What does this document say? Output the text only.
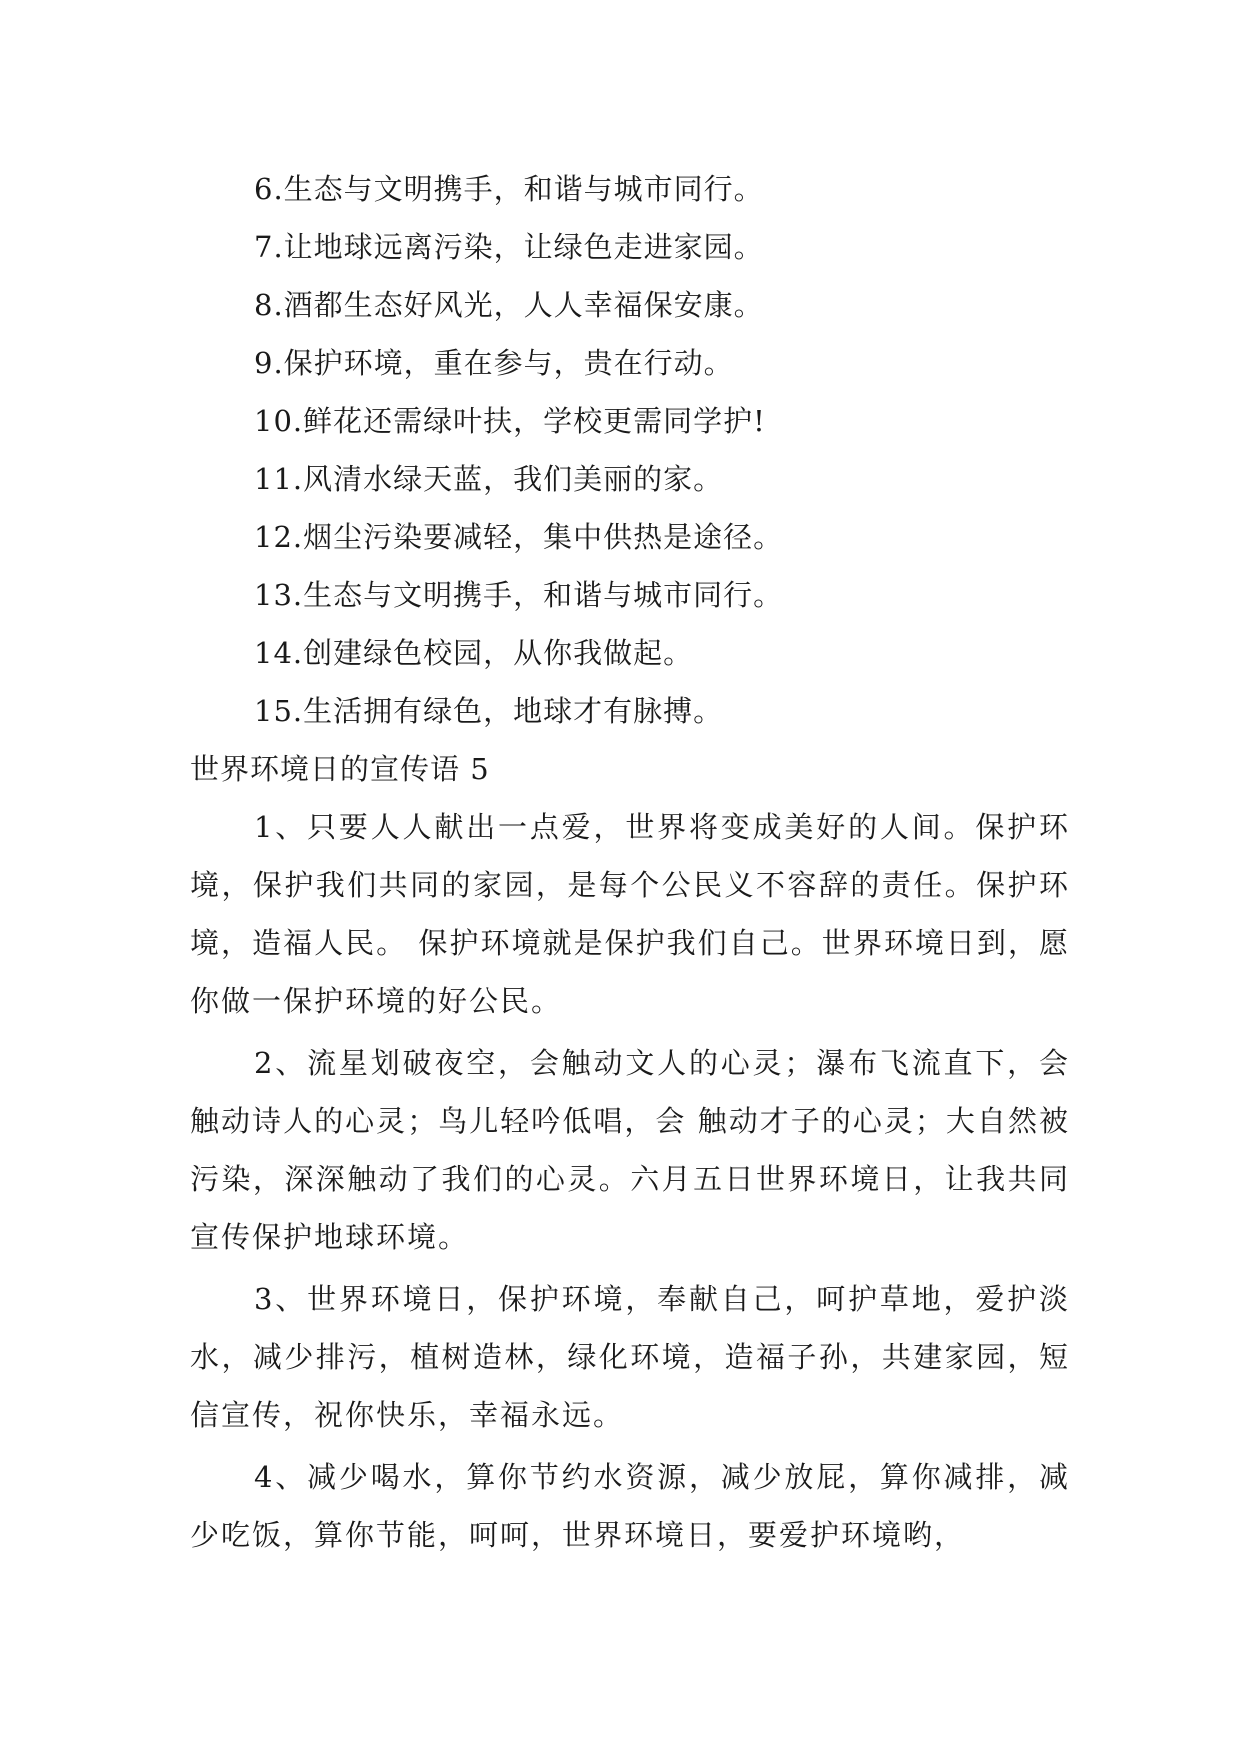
6.生态与文明携手，和谐与城市同行。

7.让地球远离污染，让绿色走进家园。

8.酒都生态好风光，人人幸福保安康。

9.保护环境，重在参与，贵在行动。

10.鲜花还需绿叶扶，学校更需同学护!

11.风清水绿天蓝，我们美丽的家。

12.烟尘污染要减轻，集中供热是途径。

13.生态与文明携手，和谐与城市同行。

14.创建绿色校园，从你我做起。

15.生活拥有绿色，地球才有脉搏。

世界环境日的宣传语 5

1、只要人人献出一点爱，世界将变成美好的人间。保护环境，保护我们共同的家园，是每个公民义不容辞的责任。保护环境，造福人民。 保护环境就是保护我们自己。世界环境日到，愿你做一保护环境的好公民。

2、流星划破夜空，会触动文人的心灵；瀑布飞流直下，会触动诗人的心灵；鸟儿轻吟低唱，会 触动才子的心灵；大自然被污染，深深触动了我们的心灵。六月五日世界环境日，让我共同宣传保护地球环境。

3、世界环境日，保护环境，奉献自己，呵护草地，爱护淡水，减少排污，植树造林，绿化环境，造福子孙，共建家园，短信宣传，祝你快乐，幸福永远。

4、减少喝水，算你节约水资源，减少放屁，算你减排，减少吃饭，算你节能，呵呵，世界环境日，要爱护环境哟，
